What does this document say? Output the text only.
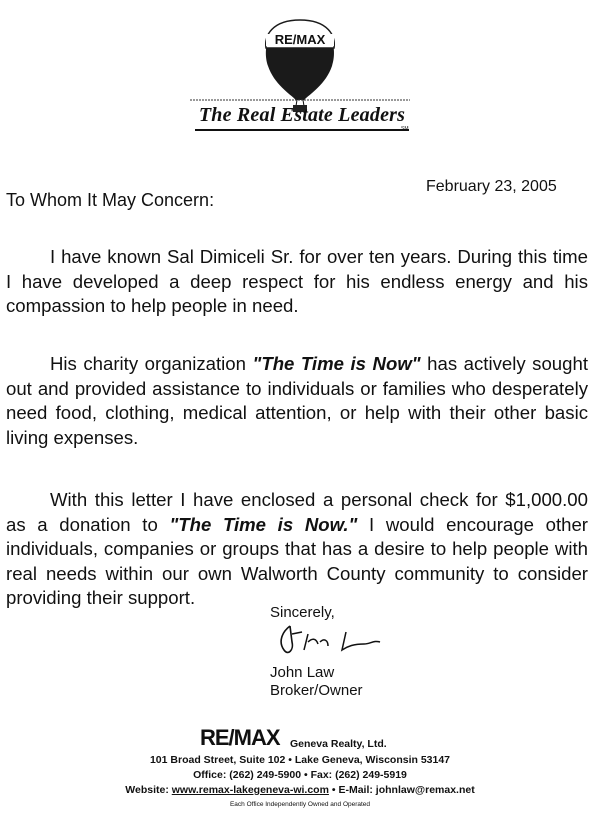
RE/MAX
The Real Estate Leaders
SM
February 23, 2005
To Whom It May Concern:
I have known Sal Dimiceli Sr. for over ten years. During this time I have developed a deep respect for his endless energy and his compassion to help people in need.
His charity organization "The Time is Now" has actively sought out and provided assistance to individuals or families who desperately need food, clothing, medical attention, or help with their other basic living expenses.
With this letter I have enclosed a personal check for $1,000.00 as a donation to "The Time is Now." I would encourage other individuals, companies or groups that has a desire to help people with real needs within our own Walworth County community to consider providing their support.
Sincerely,
John Law
Broker/Owner
RE/MAX Geneva Realty, Ltd.
101 Broad Street, Suite 102 • Lake Geneva, Wisconsin 53147
Office: (262) 249-5900 • Fax: (262) 249-5919
Website: www.remax-lakegeneva-wi.com • E-Mail: johnlaw@remax.net
Each Office Independently Owned and Operated
